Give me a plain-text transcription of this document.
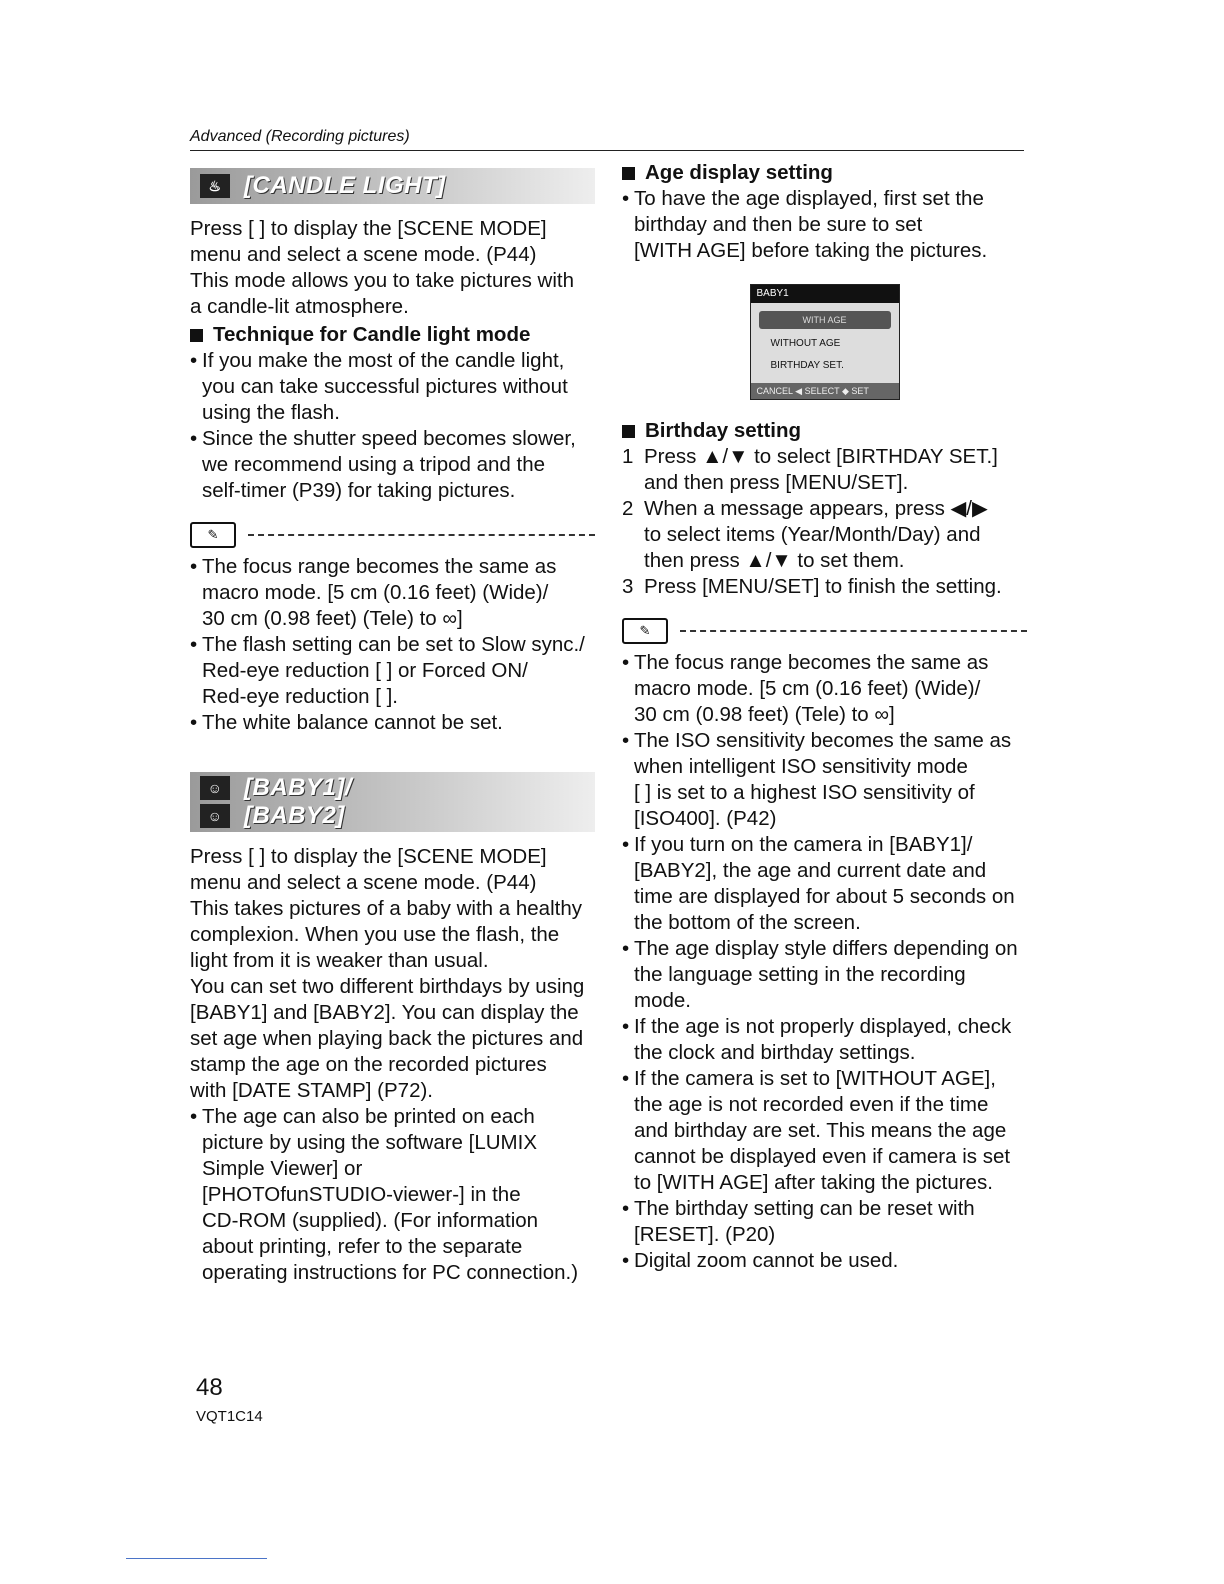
Advanced (Recording pictures)
♨ [CANDLE LIGHT]

Press [ ] to display the [SCENE MODE]

menu and select a scene mode. (P44)

This mode allows you to take pictures with

a candle-lit atmosphere.

Technique for Candle light mode
• If you make the most of the candle light,

you can take successful pictures without

using the flash.

• Since the shutter speed becomes slower,

we recommend using a tripod and the

self-timer (P39) for taking pictures.

✎
• The focus range becomes the same as

macro mode. [5 cm (0.16 feet) (Wide)/

30 cm (0.98 feet) (Tele) to ∞]

• The flash setting can be set to Slow sync./

Red-eye reduction [ ] or Forced ON/

Red-eye reduction [ ].

• The white balance cannot be set.

☺ [BABY1]/
☺ [BABY2]

Press [ ] to display the [SCENE MODE]

menu and select a scene mode. (P44)

This takes pictures of a baby with a healthy

complexion. When you use the flash, the

light from it is weaker than usual.

You can set two different birthdays by using

[BABY1] and [BABY2]. You can display the

set age when playing back the pictures and

stamp the age on the recorded pictures

with [DATE STAMP] (P72).

• The age can also be printed on each

picture by using the software [LUMIX

Simple Viewer] or

[PHOTOfunSTUDIO-viewer-] in the

CD-ROM (supplied). (For information

about printing, refer to the separate

operating instructions for PC connection.)

Age display setting
• To have the age displayed, first set the

birthday and then be sure to set

[WITH AGE] before taking the pictures.

BABY1
WITH AGE
WITHOUT AGE
BIRTHDAY SET.
CANCEL ◀ SELECT ◆ SET
Birthday setting
1 Press ▲/▼ to select [BIRTHDAY SET.]

and then press [MENU/SET].

2 When a message appears, press ◀/▶

to select items (Year/Month/Day) and

then press ▲/▼ to set them.

3 Press [MENU/SET] to finish the setting.

✎
• The focus range becomes the same as

macro mode. [5 cm (0.16 feet) (Wide)/

30 cm (0.98 feet) (Tele) to ∞]

• The ISO sensitivity becomes the same as

when intelligent ISO sensitivity mode

[ ] is set to a highest ISO sensitivity of

[ISO400]. (P42)

• If you turn on the camera in [BABY1]/

[BABY2], the age and current date and

time are displayed for about 5 seconds on

the bottom of the screen.

• The age display style differs depending on

the language setting in the recording

mode.

• If the age is not properly displayed, check

the clock and birthday settings.

• If the camera is set to [WITHOUT AGE],

the age is not recorded even if the time

and birthday are set. This means the age

cannot be displayed even if camera is set

to [WITH AGE] after taking the pictures.

• The birthday setting can be reset with

[RESET]. (P20)

• Digital zoom cannot be used.

48
VQT1C14
